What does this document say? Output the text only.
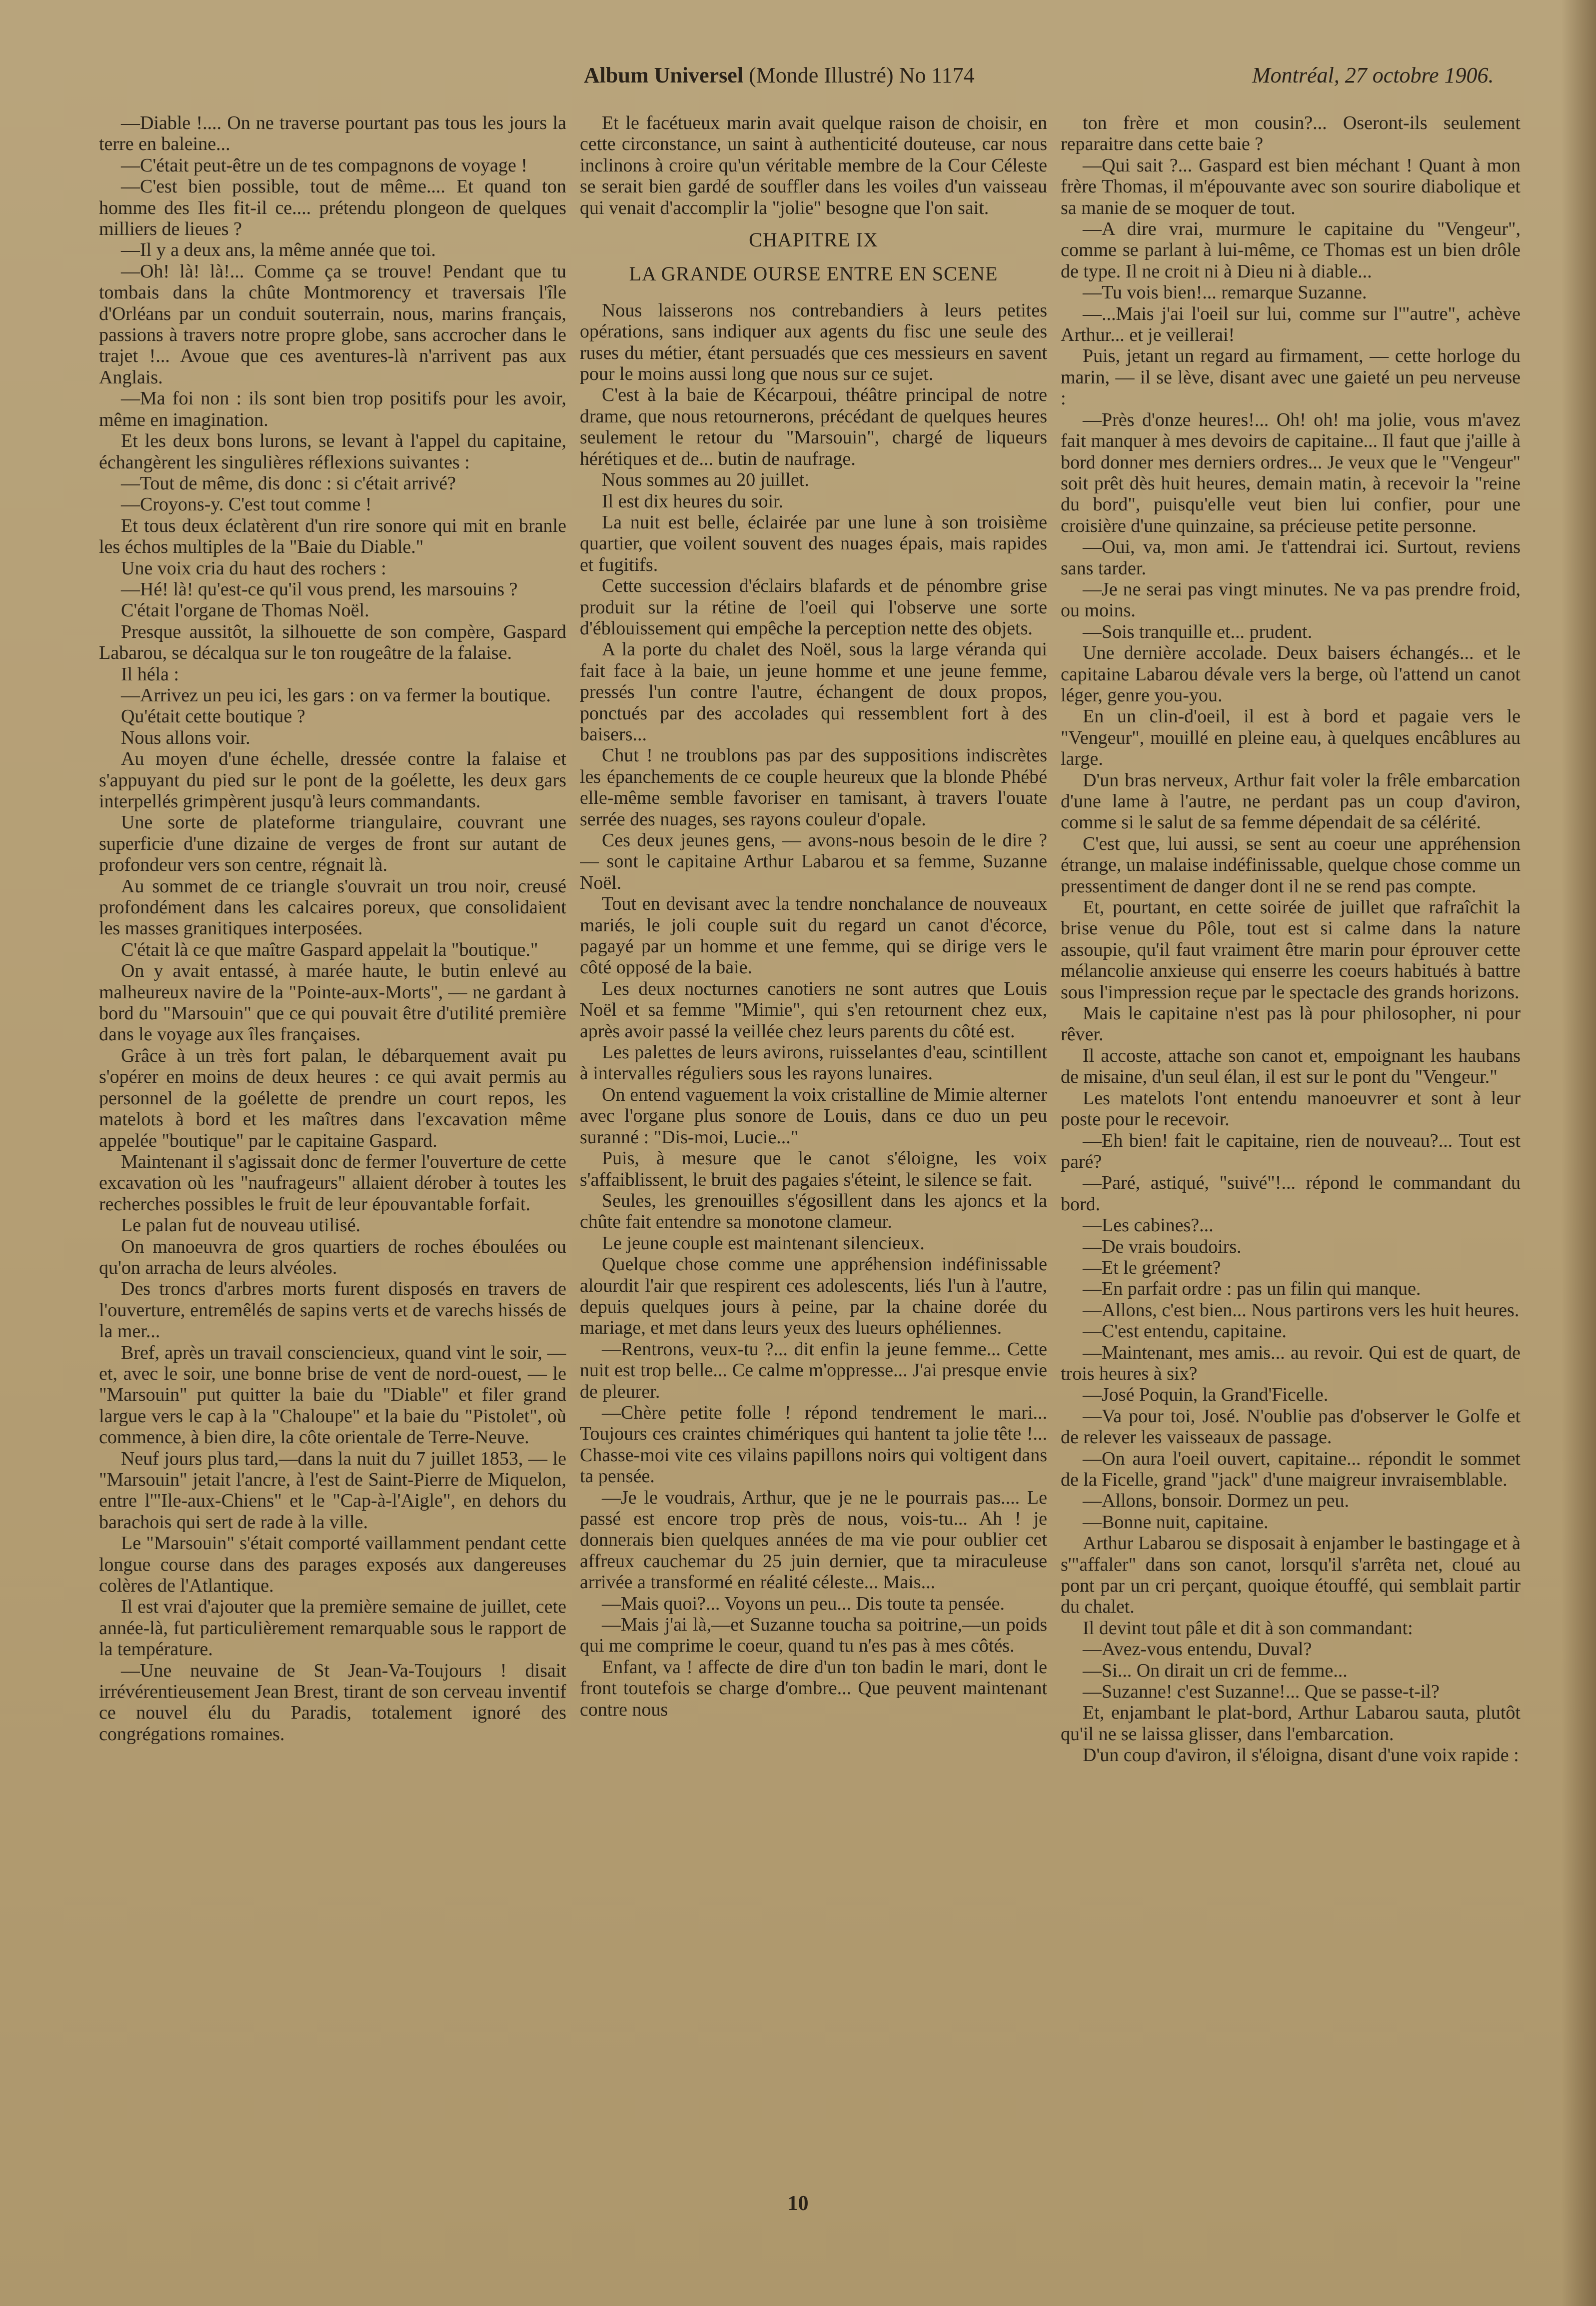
Album Universel (Monde Illustré) No 1174	Montréal, 27 octobre 1906.

—Diable !.... On ne traverse pourtant pas tous les jours la terre en baleine...

—C'était peut-être un de tes compagnons de voyage !

—C'est bien possible, tout de même.... Et quand ton homme des Iles fit-il ce.... prétendu plongeon de quelques milliers de lieues ?

—Il y a deux ans, la même année que toi.

—Oh! là! là!... Comme ça se trouve! Pendant que tu tombais dans la chûte Montmorency et traversais l'île d'Orléans par un conduit souterrain, nous, marins français, passions à travers notre propre globe, sans accrocher dans le trajet !... Avoue que ces aventures-là n'arrivent pas aux Anglais.

—Ma foi non : ils sont bien trop positifs pour les avoir, même en imagination.

Et les deux bons lurons, se levant à l'appel du capitaine, échangèrent les singulières réflexions suivantes :

—Tout de même, dis donc : si c'était arrivé?

—Croyons-y. C'est tout comme !

Et tous deux éclatèrent d'un rire sonore qui mit en branle les échos multiples de la "Baie du Diable."

Une voix cria du haut des rochers :

—Hé! là! qu'est-ce qu'il vous prend, les marsouins ?

C'était l'organe de Thomas Noël.

Presque aussitôt, la silhouette de son compère, Gaspard Labarou, se décalqua sur le ton rougeâtre de la falaise.

Il héla :

—Arrivez un peu ici, les gars : on va fermer la boutique.

Qu'était cette boutique ?

Nous allons voir.

Au moyen d'une échelle, dressée contre la falaise et s'appuyant du pied sur le pont de la goélette, les deux gars interpellés grimpèrent jusqu'à leurs commandants.

Une sorte de plateforme triangulaire, couvrant une superficie d'une dizaine de verges de front sur autant de profondeur vers son centre, régnait là.

Au sommet de ce triangle s'ouvrait un trou noir, creusé profondément dans les calcaires poreux, que consolidaient les masses granitiques interposées.

C'était là ce que maître Gaspard appelait la "boutique."

On y avait entassé, à marée haute, le butin enlevé au malheureux navire de la "Pointe-aux-Morts", — ne gardant à bord du "Marsouin" que ce qui pouvait être d'utilité première dans le voyage aux îles françaises.

Grâce à un très fort palan, le débarquement avait pu s'opérer en moins de deux heures : ce qui avait permis au personnel de la goélette de prendre un court repos, les matelots à bord et les maîtres dans l'excavation même appelée "boutique" par le capitaine Gaspard.

Maintenant il s'agissait donc de fermer l'ouverture de cette excavation où les "naufrageurs" allaient dérober à toutes les recherches possibles le fruit de leur épouvantable forfait.

Le palan fut de nouveau utilisé.

On manoeuvra de gros quartiers de roches éboulées ou qu'on arracha de leurs alvéoles.

Des troncs d'arbres morts furent disposés en travers de l'ouverture, entremêlés de sapins verts et de varechs hissés de la mer...

Bref, après un travail consciencieux, quand vint le soir, — et, avec le soir, une bonne brise de vent de nord-ouest, — le "Marsouin" put quitter la baie du "Diable" et filer grand largue vers le cap à la "Chaloupe" et la baie du "Pistolet", où commence, à bien dire, la côte orientale de Terre-Neuve.

Neuf jours plus tard,—dans la nuit du 7 juillet 1853, — le "Marsouin" jetait l'ancre, à l'est de Saint-Pierre de Miquelon, entre l'"Ile-aux-Chiens" et le "Cap-à-l'Aigle", en dehors du barachois qui sert de rade à la ville.

Le "Marsouin" s'était comporté vaillamment pendant cette longue course dans des parages exposés aux dangereuses colères de l'Atlantique.

Il est vrai d'ajouter que la première semaine de juillet, cete année-là, fut particulièrement remarquable sous le rapport de la température.

—Une neuvaine de St Jean-Va-Toujours ! disait irrévérentieusement Jean Brest, tirant de son cerveau inventif ce nouvel élu du Paradis, totalement ignoré des congrégations romaines.

Et le facétueux marin avait quelque raison de choisir, en cette circonstance, un saint à authenticité douteuse, car nous inclinons à croire qu'un véritable membre de la Cour Céleste se serait bien gardé de souffler dans les voiles d'un vaisseau qui venait d'accomplir la "jolie" besogne que l'on sait.

CHAPITRE IX

LA GRANDE OURSE ENTRE EN SCENE

Nous laisserons nos contrebandiers à leurs petites opérations, sans indiquer aux agents du fisc une seule des ruses du métier, étant persuadés que ces messieurs en savent pour le moins aussi long que nous sur ce sujet.

C'est à la baie de Kécarpoui, théâtre principal de notre drame, que nous retournerons, précédant de quelques heures seulement le retour du "Marsouin", chargé de liqueurs hérétiques et de... butin de naufrage.

Nous sommes au 20 juillet.

Il est dix heures du soir.

La nuit est belle, éclairée par une lune à son troisième quartier, que voilent souvent des nuages épais, mais rapides et fugitifs.

Cette succession d'éclairs blafards et de pénombre grise produit sur la rétine de l'oeil qui l'observe une sorte d'éblouissement qui empêche la perception nette des objets.

A la porte du chalet des Noël, sous la large véranda qui fait face à la baie, un jeune homme et une jeune femme, pressés l'un contre l'autre, échangent de doux propos, ponctués par des accolades qui ressemblent fort à des baisers...

Chut ! ne troublons pas par des suppositions indiscrètes les épanchements de ce couple heureux que la blonde Phébé elle-même semble favoriser en tamisant, à travers l'ouate serrée des nuages, ses rayons couleur d'opale.

Ces deux jeunes gens, — avons-nous besoin de le dire ? — sont le capitaine Arthur Labarou et sa femme, Suzanne Noël.

Tout en devisant avec la tendre nonchalance de nouveaux mariés, le joli couple suit du regard un canot d'écorce, pagayé par un homme et une femme, qui se dirige vers le côté opposé de la baie.

Les deux nocturnes canotiers ne sont autres que Louis Noël et sa femme "Mimie", qui s'en retournent chez eux, après avoir passé la veillée chez leurs parents du côté est.

Les palettes de leurs avirons, ruisselantes d'eau, scintillent à intervalles réguliers sous les rayons lunaires.

On entend vaguement la voix cristalline de Mimie alterner avec l'organe plus sonore de Louis, dans ce duo un peu suranné : "Dis-moi, Lucie..."

Puis, à mesure que le canot s'éloigne, les voix s'affaiblissent, le bruit des pagaies s'éteint, le silence se fait.

Seules, les grenouilles s'égosillent dans les ajoncs et la chûte fait entendre sa monotone clameur.

Le jeune couple est maintenant silencieux.

Quelque chose comme une appréhension indéfinissable alourdit l'air que respirent ces adolescents, liés l'un à l'autre, depuis quelques jours à peine, par la chaine dorée du mariage, et met dans leurs yeux des lueurs ophéliennes.

—Rentrons, veux-tu ?... dit enfin la jeune femme... Cette nuit est trop belle... Ce calme m'oppresse... J'ai presque envie de pleurer.

—Chère petite folle ! répond tendrement le mari... Toujours ces craintes chimériques qui hantent ta jolie tête !... Chasse-moi vite ces vilains papillons noirs qui voltigent dans ta pensée.

—Je le voudrais, Arthur, que je ne le pourrais pas.... Le passé est encore trop près de nous, vois-tu... Ah ! je donnerais bien quelques années de ma vie pour oublier cet affreux cauchemar du 25 juin dernier, que ta miraculeuse arrivée a transformé en réalité céleste... Mais...

—Mais quoi?... Voyons un peu... Dis toute ta pensée.

—Mais j'ai là,—et Suzanne toucha sa poitrine,—un poids qui me comprime le coeur, quand tu n'es pas à mes côtés.

Enfant, va ! affecte de dire d'un ton badin le mari, dont le front toutefois se charge d'ombre... Que peuvent maintenant contre nous

ton frère et mon cousin?... Oseront-ils seulement reparaitre dans cette baie ?

—Qui sait ?... Gaspard est bien méchant ! Quant à mon frère Thomas, il m'épouvante avec son sourire diabolique et sa manie de se moquer de tout.

—A dire vrai, murmure le capitaine du "Vengeur", comme se parlant à lui-même, ce Thomas est un bien drôle de type. Il ne croit ni à Dieu ni à diable...

—Tu vois bien!... remarque Suzanne.

—...Mais j'ai l'oeil sur lui, comme sur l'"autre", achève Arthur... et je veillerai!

Puis, jetant un regard au firmament, — cette horloge du marin, — il se lève, disant avec une gaieté un peu nerveuse :

—Près d'onze heures!... Oh! oh! ma jolie, vous m'avez fait manquer à mes devoirs de capitaine... Il faut que j'aille à bord donner mes derniers ordres... Je veux que le "Vengeur" soit prêt dès huit heures, demain matin, à recevoir la "reine du bord", puisqu'elle veut bien lui confier, pour une croisière d'une quinzaine, sa précieuse petite personne.

—Oui, va, mon ami. Je t'attendrai ici. Surtout, reviens sans tarder.

—Je ne serai pas vingt minutes. Ne va pas prendre froid, ou moins.

—Sois tranquille et... prudent.

Une dernière accolade. Deux baisers échangés... et le capitaine Labarou dévale vers la berge, où l'attend un canot léger, genre you-you.

En un clin-d'oeil, il est à bord et pagaie vers le "Vengeur", mouillé en pleine eau, à quelques encâblures au large.

D'un bras nerveux, Arthur fait voler la frêle embarcation d'une lame à l'autre, ne perdant pas un coup d'aviron, comme si le salut de sa femme dépendait de sa célérité.

C'est que, lui aussi, se sent au coeur une appréhension étrange, un malaise indéfinissable, quelque chose comme un pressentiment de danger dont il ne se rend pas compte.

Et, pourtant, en cette soirée de juillet que rafraîchit la brise venue du Pôle, tout est si calme dans la nature assoupie, qu'il faut vraiment être marin pour éprouver cette mélancolie anxieuse qui enserre les coeurs habitués à battre sous l'impression reçue par le spectacle des grands horizons.

Mais le capitaine n'est pas là pour philosopher, ni pour rêver.

Il accoste, attache son canot et, empoignant les haubans de misaine, d'un seul élan, il est sur le pont du "Vengeur."

Les matelots l'ont entendu manoeuvrer et sont à leur poste pour le recevoir.

—Eh bien! fait le capitaine, rien de nouveau?... Tout est paré?

—Paré, astiqué, "suivé"!... répond le commandant du bord.

—Les cabines?...

—De vrais boudoirs.

—Et le gréement?

—En parfait ordre : pas un filin qui manque.

—Allons, c'est bien... Nous partirons vers les huit heures.

—C'est entendu, capitaine.

—Maintenant, mes amis... au revoir. Qui est de quart, de trois heures à six?

—José Poquin, la Grand'Ficelle.

—Va pour toi, José. N'oublie pas d'observer le Golfe et de relever les vaisseaux de passage.

—On aura l'oeil ouvert, capitaine... répondit le sommet de la Ficelle, grand "jack" d'une maigreur invraisemblable.

—Allons, bonsoir. Dormez un peu.

—Bonne nuit, capitaine.

Arthur Labarou se disposait à enjamber le bastingage et à s'"affaler" dans son canot, lorsqu'il s'arrêta net, cloué au pont par un cri perçant, quoique étouffé, qui semblait partir du chalet.

Il devint tout pâle et dit à son commandant:

—Avez-vous entendu, Duval?

—Si... On dirait un cri de femme...

—Suzanne! c'est Suzanne!... Que se passe-t-il?

Et, enjambant le plat-bord, Arthur Labarou sauta, plutôt qu'il ne se laissa glisser, dans l'embarcation.

D'un coup d'aviron, il s'éloigna, disant d'une voix rapide :

10
